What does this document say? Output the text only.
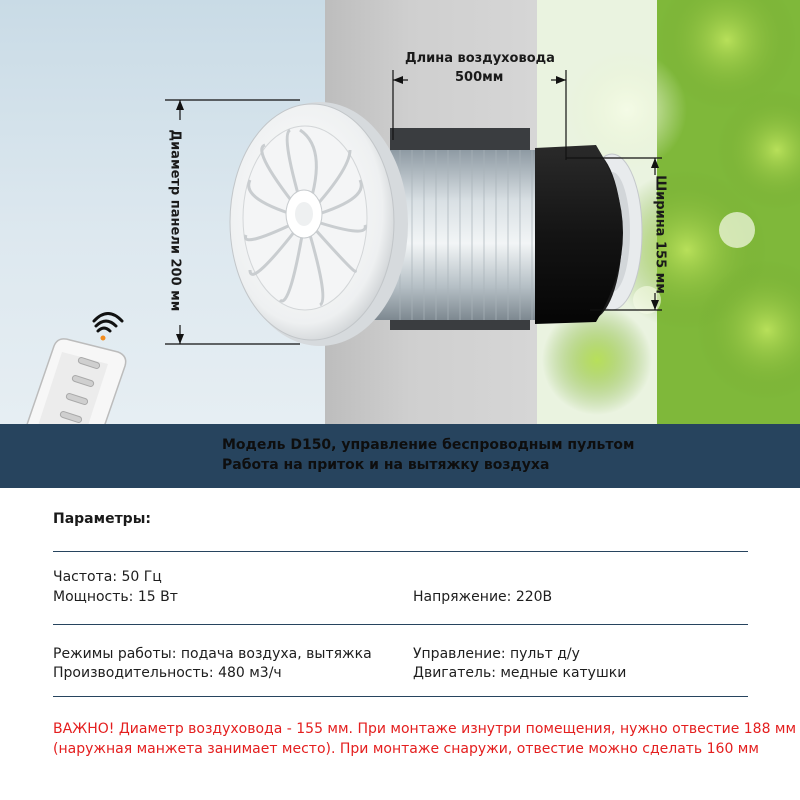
Длина воздуховода
500мм
Диаметр панели 200 мм	Ширина 155 мм
Модель D150, управление беспроводным пультом
Работа на приток и на вытяжку воздуха
Параметры:
Частота: 50 Гц
Мощность: 15 Вт	Напряжение: 220В
Режимы работы: подача воздуха, вытяжка	Управление: пульт д/у
Производительность: 480 м3/ч	Двигатель: медные катушки
ВАЖНО! Диаметр воздуховода - 155 мм. При монтаже изнутри помещения, нужно отвестие 188 мм
(наружная манжета занимает место). При монтаже снаружи, отвестие можно сделать 160 мм
